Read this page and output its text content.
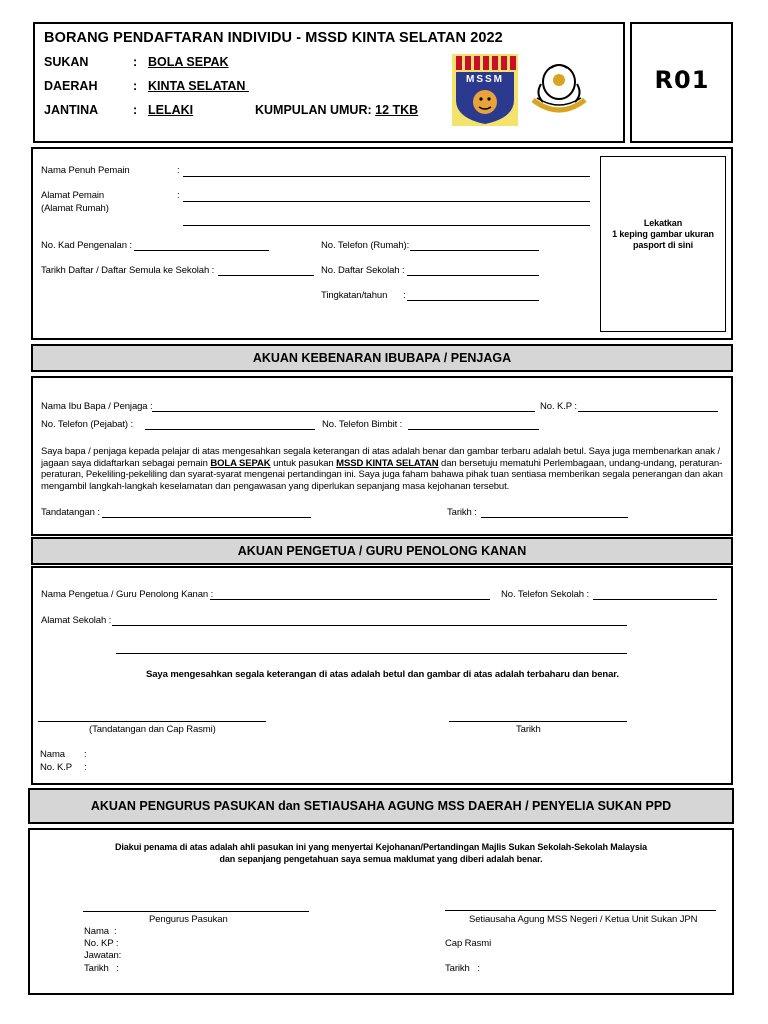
BORANG PENDAFTARAN INDIVIDU - MSSD KINTA SELATAN 2022
SUKAN	: BOLA SEPAK
DAERAH	: KINTA SELATAN
JANTINA	: LELAKI	KUMPULAN UMUR: 12 TKB
MSSM	R01
Lekatkan
1 keping gambar ukuran
pasport di sini
Nama Penuh Pemain	:
Alamat Pemain	:
(Alamat Rumah)
No. Kad Pengenalan :	No. Telefon (Rumah):
Tarikh Daftar / Daftar Semula ke Sekolah :	No. Daftar Sekolah :
Tingkatan/tahun :
AKUAN KEBENARAN IBUBAPA / PENJAGA
Nama Ibu Bapa / Penjaga :	No. K.P :
No. Telefon (Pejabat) :	No. Telefon Bimbit :
Saya bapa / penjaga kepada pelajar di atas mengesahkan segala keterangan di atas adalah benar dan gambar terbaru adalah betul. Saya juga membenarkan anak / jagaan saya didaftarkan sebagai pemain BOLA SEPAK untuk pasukan MSSD KINTA SELATAN dan bersetuju mematuhi Perlembagaan, undang-undang, peraturan-peraturan, Pekeliling-pekeliling dan syarat-syarat mengenai pertandingan ini. Saya juga faham bahawa pihak tuan sentiasa memberikan segala penerangan dan akan mengambil langkah-langkah keselamatan dan pengawasan yang diperlukan sepanjang masa kejohanan tersebut.
Tandatangan :	Tarikh :
AKUAN PENGETUA / GURU PENOLONG KANAN
Nama Pengetua / Guru Penolong Kanan :	No. Telefon Sekolah :
Alamat Sekolah :
Saya mengesahkan segala keterangan di atas adalah betul dan gambar di atas adalah terbaharu dan benar.
(Tandatangan dan Cap Rasmi)	Tarikh
Nama :
No. K.P :
AKUAN PENGURUS PASUKAN dan SETIAUSAHA AGUNG MSS DAERAH / PENYELIA SUKAN PPD
Diakui penama di atas adalah ahli pasukan ini yang menyertai Kejohanan/Pertandingan Majlis Sukan Sekolah-Sekolah Malaysia
dan sepanjang pengetahuan saya semua maklumat yang diberi adalah benar.
Pengurus Pasukan	Setiausaha Agung MSS Negeri / Ketua Unit Sukan JPN
Nama  :
No. KP :
Jawatan:
Tarikh   :
Cap Rasmi
Tarikh   :
